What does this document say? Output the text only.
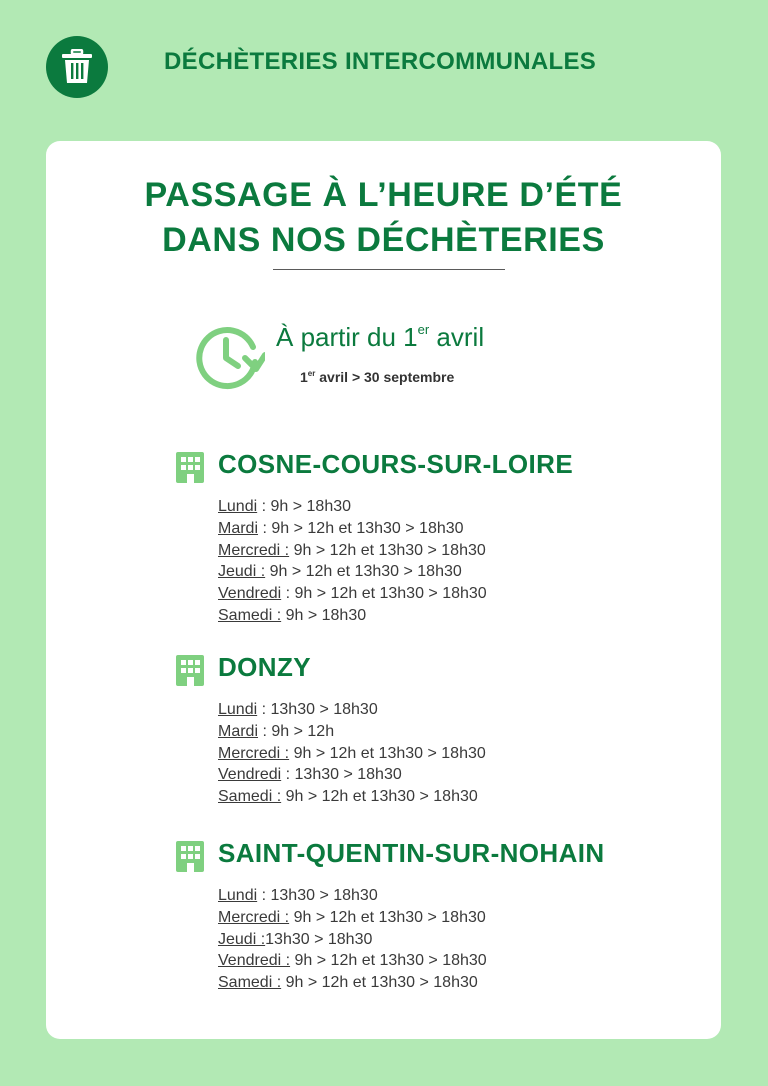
DÉCHÈTERIES INTERCOMMUNALES
PASSAGE À L’HEURE D’ÉTÉ
DANS NOS DÉCHÈTERIES
À partir du 1er avril
1er avril > 30 septembre
COSNE-COURS-SUR-LOIRE
Lundi : 9h > 18h30
Mardi : 9h > 12h et 13h30 > 18h30
Mercredi : 9h > 12h et 13h30 > 18h30
Jeudi : 9h > 12h et 13h30 > 18h30
Vendredi : 9h > 12h et 13h30 > 18h30
Samedi : 9h > 18h30
DONZY
Lundi : 13h30 > 18h30
Mardi : 9h > 12h
Mercredi : 9h > 12h et 13h30 > 18h30
Vendredi : 13h30 > 18h30
Samedi : 9h > 12h et 13h30 > 18h30
SAINT-QUENTIN-SUR-NOHAIN
Lundi : 13h30 > 18h30
Mercredi : 9h > 12h et 13h30 > 18h30
Jeudi :13h30 > 18h30
Vendredi : 9h > 12h et 13h30 > 18h30
Samedi : 9h > 12h et 13h30 > 18h30
